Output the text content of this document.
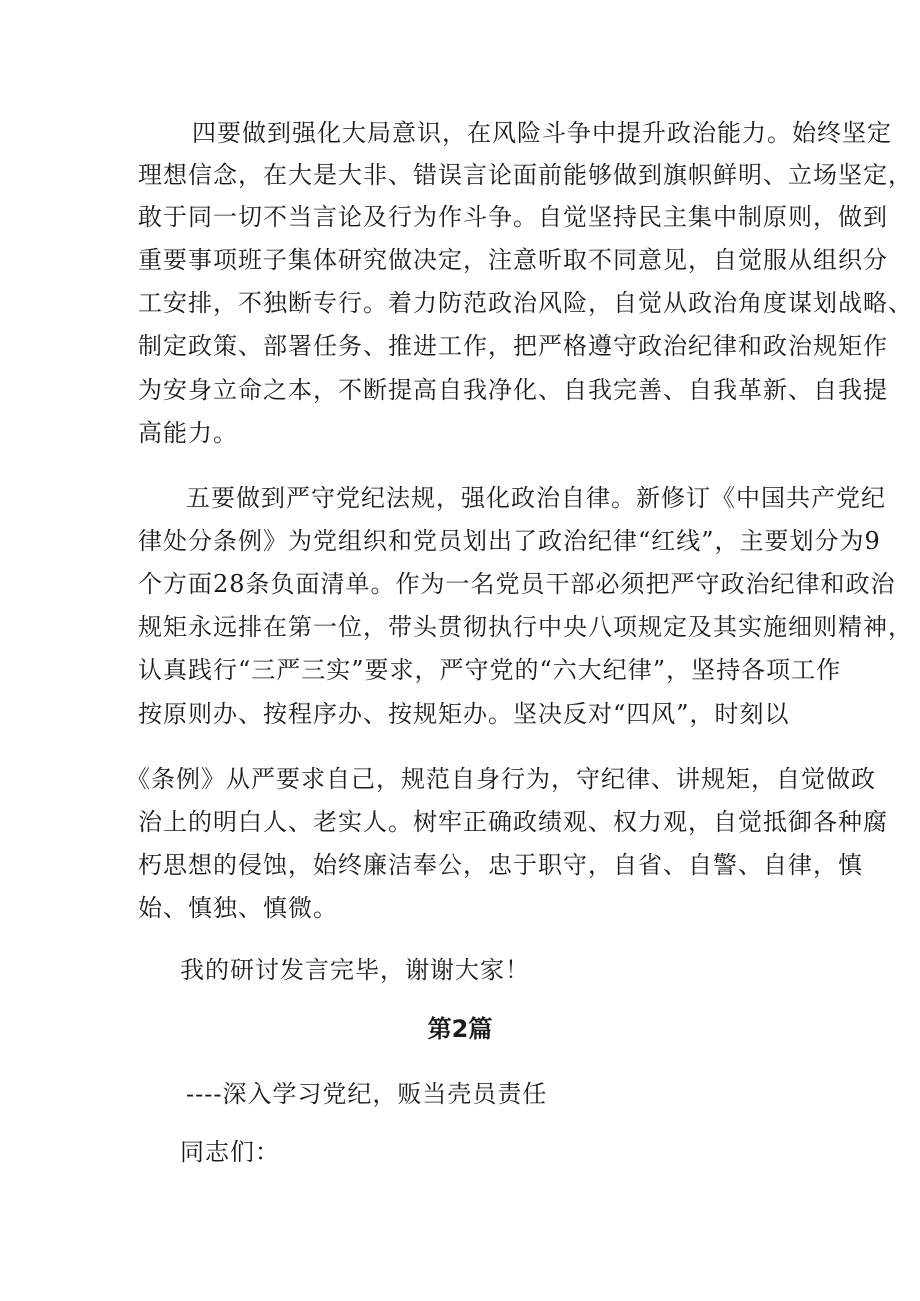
四要做到强化大局意识，在风险斗争中提升政治能力。始终坚定
理想信念，在大是大非、错误言论面前能够做到旗帜鲜明、立场坚定，
敢于同一切不当言论及行为作斗争。自觉坚持民主集中制原则，做到
重要事项班子集体研究做决定，注意听取不同意见，自觉服从组织分
工安排，不独断专行。着力防范政治风险，自觉从政治角度谋划战略、
制定政策、部署任务、推进工作，把严格遵守政治纪律和政治规矩作
为安身立命之本，不断提高自我净化、自我完善、自我革新、自我提
高能力。
五要做到严守党纪法规，强化政治自律。新修订《中国共产党纪
律处分条例》为党组织和党员划出了政治纪律“红线”，主要划分为9
个方面28条负面清单。作为一名党员干部必须把严守政治纪律和政治
规矩永远排在第一位，带头贯彻执行中央八项规定及其实施细则精神，
认真践行“三严三实”要求，严守党的“六大纪律”，坚持各项工作
按原则办、按程序办、按规矩办。坚决反对“四风”，时刻以
《条例》从严要求自己，规范自身行为，守纪律、讲规矩，自觉做政
治上的明白人、老实人。树牢正确政绩观、权力观，自觉抵御各种腐
朽思想的侵蚀，始终廉洁奉公，忠于职守，自省、自警、自律，慎
始、慎独、慎微。
我的研讨发言完毕，谢谢大家！
第2篇
----深入学习党纪，贩当壳员责任
同志们：
